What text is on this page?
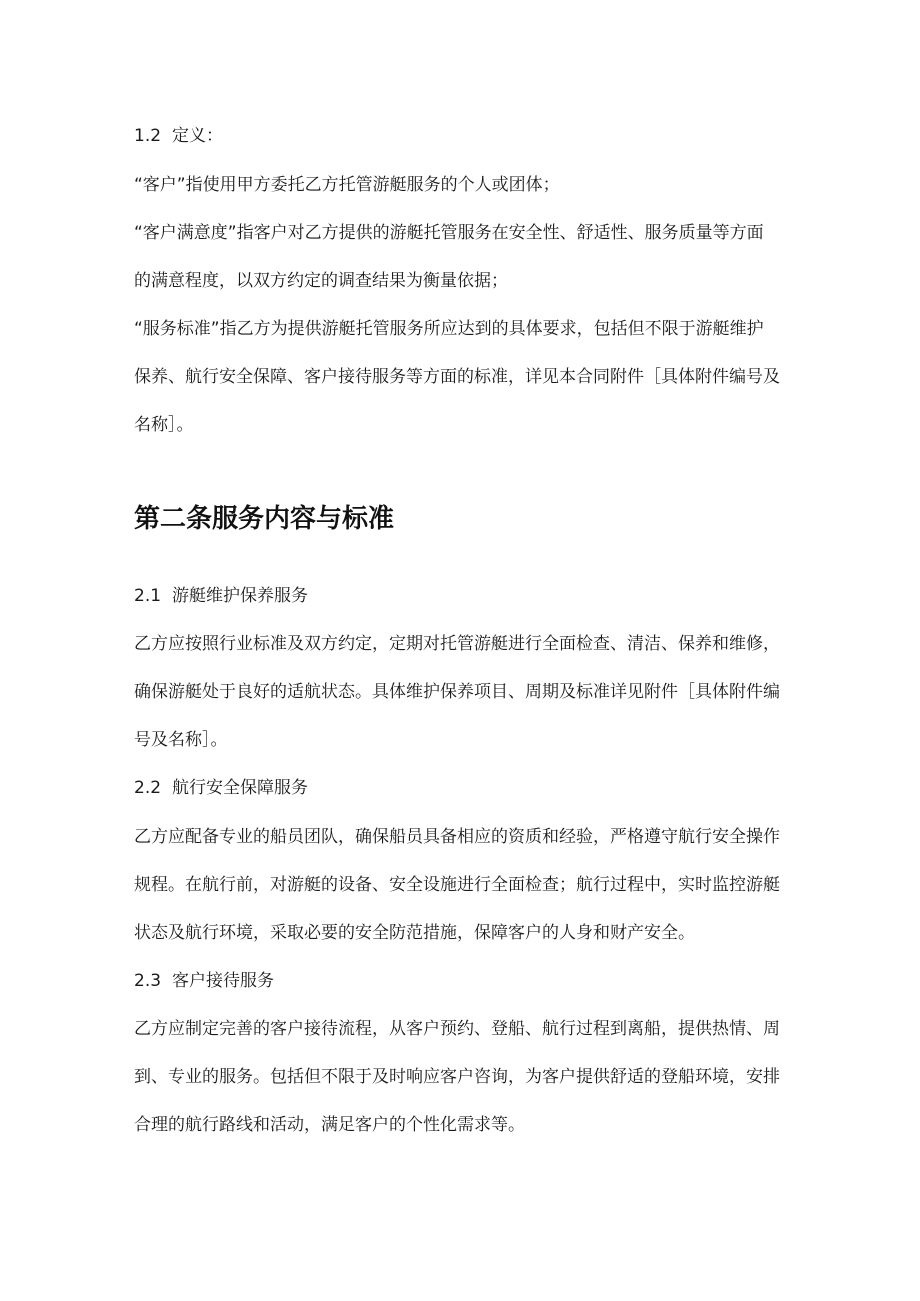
1.2 定义：

“客户”指使用甲方委托乙方托管游艇服务的个人或团体；

“客户满意度”指客户对乙方提供的游艇托管服务在安全性、舒适性、服务质量等方面

的满意程度，以双方约定的调查结果为衡量依据；

“服务标准”指乙方为提供游艇托管服务所应达到的具体要求，包括但不限于游艇维护

保养、航行安全保障、客户接待服务等方面的标准，详见本合同附件［具体附件编号及

名称］。

第二条服务内容与标准

2.1 游艇维护保养服务

乙方应按照行业标准及双方约定，定期对托管游艇进行全面检查、清洁、保养和维修，

确保游艇处于良好的适航状态。具体维护保养项目、周期及标准详见附件［具体附件编

号及名称］。

2.2 航行安全保障服务

乙方应配备专业的船员团队，确保船员具备相应的资质和经验，严格遵守航行安全操作

规程。在航行前，对游艇的设备、安全设施进行全面检查；航行过程中，实时监控游艇

状态及航行环境，采取必要的安全防范措施，保障客户的人身和财产安全。

2.3 客户接待服务

乙方应制定完善的客户接待流程，从客户预约、登船、航行过程到离船，提供热情、周

到、专业的服务。包括但不限于及时响应客户咨询，为客户提供舒适的登船环境，安排

合理的航行路线和活动，满足客户的个性化需求等。
